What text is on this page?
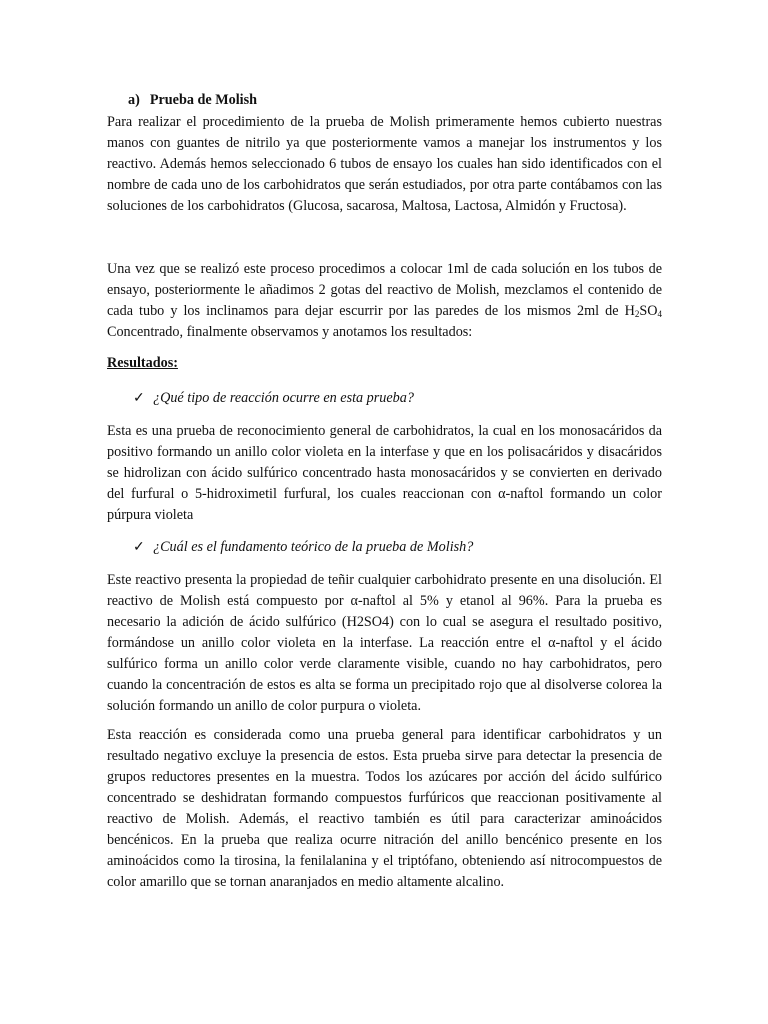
a) Prueba de Molish

Para realizar el procedimiento de la prueba de Molish primeramente hemos cubierto nuestras manos con guantes de nitrilo ya que posteriormente vamos a manejar los instrumentos y los reactivo. Además hemos seleccionado 6 tubos de ensayo los cuales han sido identificados con el nombre de cada uno de los carbohidratos que serán estudiados, por otra parte contábamos con las soluciones de los carbohidratos (Glucosa, sacarosa, Maltosa, Lactosa, Almidón y Fructosa).

Una vez que se realizó este proceso procedimos a colocar 1ml de cada solución en los tubos de ensayo, posteriormente le añadimos 2 gotas del reactivo de Molish, mezclamos el contenido de cada tubo y los inclinamos para dejar escurrir por las paredes de los mismos 2ml de $H_2SO_4$ Concentrado, finalmente observamos y anotamos los resultados:

Resultados:
✓ ¿Qué tipo de reacción ocurre en esta prueba?

Esta es una prueba de reconocimiento general de carbohidratos, la cual en los monosacáridos da positivo formando un anillo color violeta en la interfase y que en los polisacáridos y disacáridos se hidrolizan con ácido sulfúrico concentrado hasta monosacáridos y se convierten en derivado del furfural o 5-hidroximetil furfural, los cuales reaccionan con α-naftol formando un color púrpura violeta

✓ ¿Cuál es el fundamento teórico de la prueba de Molish?

Este reactivo presenta la propiedad de teñir cualquier carbohidrato presente en una disolución. El reactivo de Molish está compuesto por α-naftol al 5% y etanol al 96%. Para la prueba es necesario la adición de ácido sulfúrico (H2SO4) con lo cual se asegura el resultado positivo, formándose un anillo color violeta en la interfase. La reacción entre el α-naftol y el ácido sulfúrico forma un anillo color verde claramente visible, cuando no hay carbohidratos, pero cuando la concentración de estos es alta se forma un precipitado rojo que al disolverse colorea la solución formando un anillo de color purpura o violeta.

Esta reacción es considerada como una prueba general para identificar carbohidratos y un resultado negativo excluye la presencia de estos. Esta prueba sirve para detectar la presencia de grupos reductores presentes en la muestra. Todos los azúcares por acción del ácido sulfúrico concentrado se deshidratan formando compuestos furfúricos que reaccionan positivamente al reactivo de Molish. Además, el reactivo también es útil para caracterizar aminoácidos bencénicos. En la prueba que realiza ocurre nitración del anillo bencénico presente en los aminoácidos como la tirosina, la fenilalanina y el triptófano, obteniendo así nitrocompuestos de color amarillo que se tornan anaranjados en medio altamente alcalino.
